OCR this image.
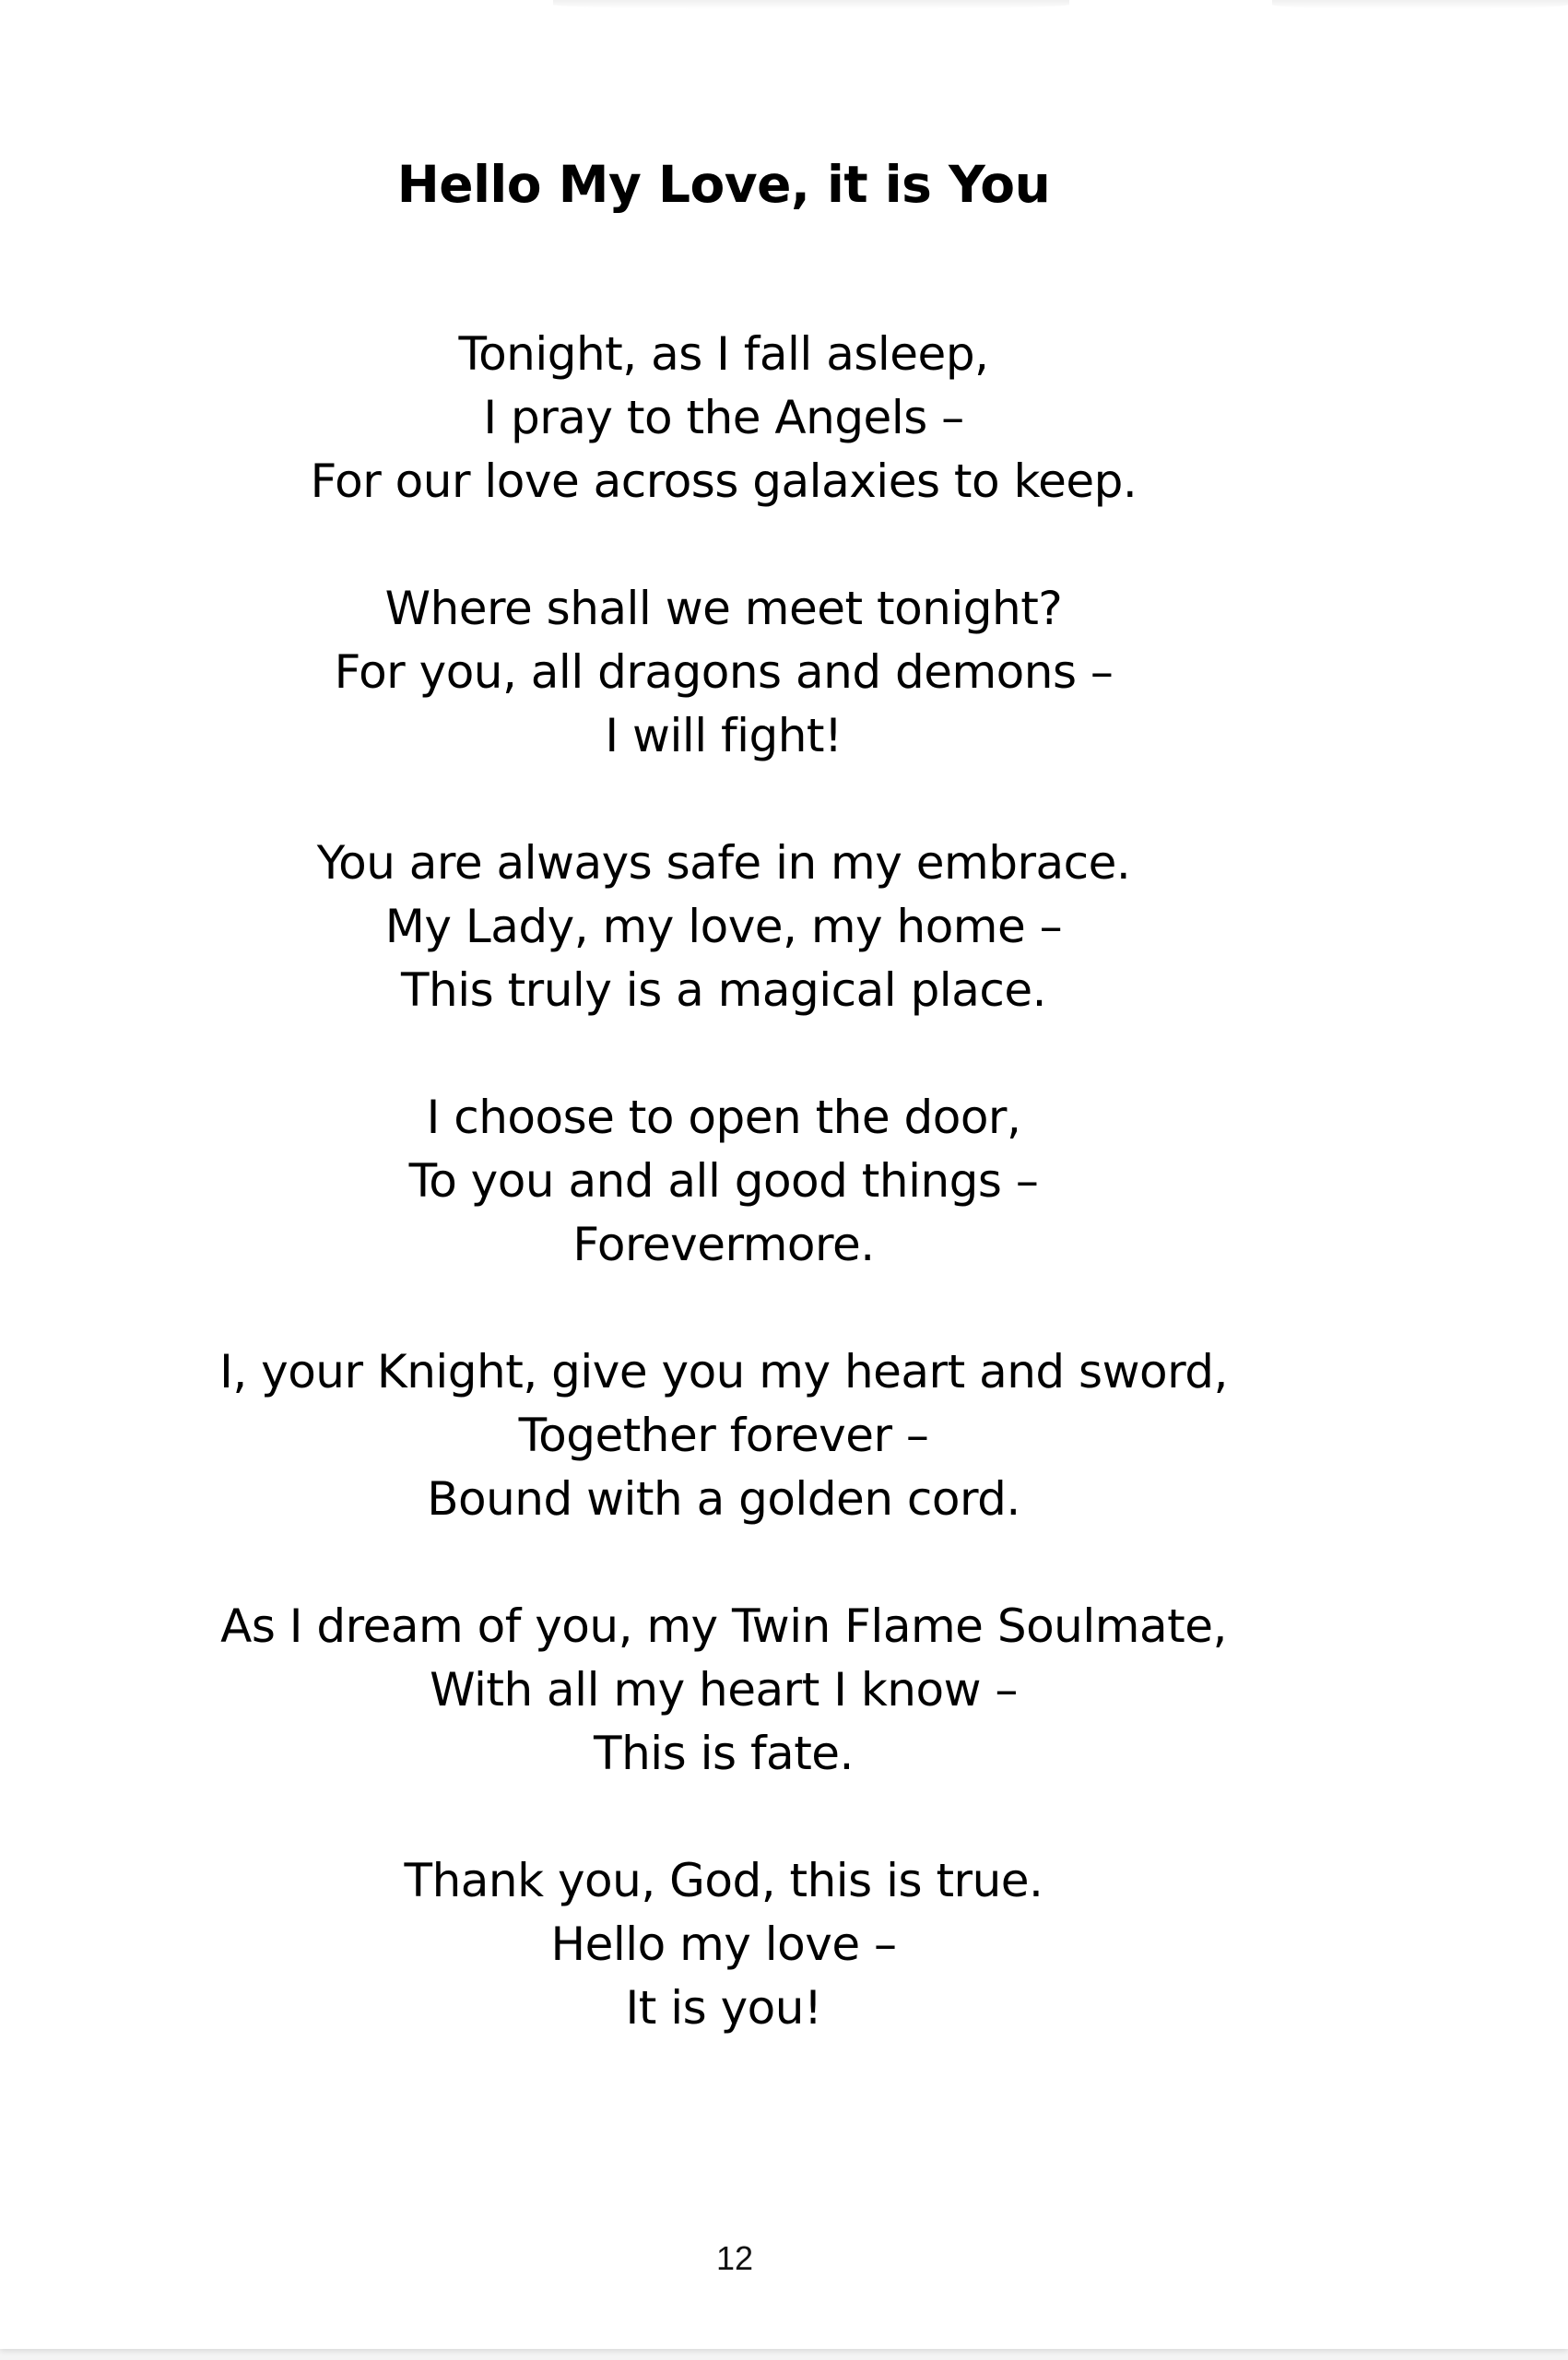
Hello My Love, it is You
Tonight, as I fall asleep,
I pray to the Angels –
For our love across galaxies to keep.
Where shall we meet tonight?
For you, all dragons and demons –
I will fight!
You are always safe in my embrace.
My Lady, my love, my home –
This truly is a magical place.
I choose to open the door,
To you and all good things –
Forevermore.
I, your Knight, give you my heart and sword,
Together forever –
Bound with a golden cord.
As I dream of you, my Twin Flame Soulmate,
With all my heart I know –
This is fate.
Thank you, God, this is true.
Hello my love –
It is you!
12
